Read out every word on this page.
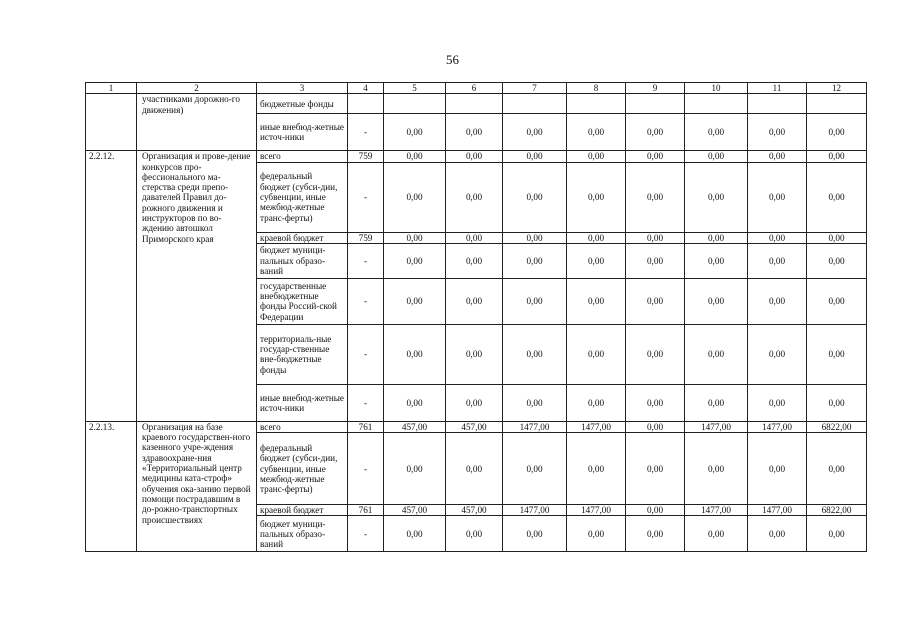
56
1	2	3	4	5	6	7	8	9	10	11	12
	участниками дорожно-го движения)	бюджетные фонды									
		иные внебюд-жетные источ-ники	-	0,00	0,00	0,00	0,00	0,00	0,00	0,00	0,00
2.2.12.	Организация и прове-дение конкурсов про-фессионального ма-стерства среди препо-давателей Правил до-рожного движения и инструкторов по во-ждению автошкол Приморского края	всего	759	0,00	0,00	0,00	0,00	0,00	0,00	0,00	0,00
		федеральный бюджет (субси-дии, субвенции, иные межбюд-жетные транс-ферты)	-	0,00	0,00	0,00	0,00	0,00	0,00	0,00	0,00
		краевой бюджет	759	0,00	0,00	0,00	0,00	0,00	0,00	0,00	0,00
		бюджет муници-пальных образо-ваний	-	0,00	0,00	0,00	0,00	0,00	0,00	0,00	0,00
		государственные внебюджетные фонды Россий-ской Федерации	-	0,00	0,00	0,00	0,00	0,00	0,00	0,00	0,00
		территориаль-ные государ-ственные вне-бюджетные фонды	-	0,00	0,00	0,00	0,00	0,00	0,00	0,00	0,00
		иные внебюд-жетные источ-ники	-	0,00	0,00	0,00	0,00	0,00	0,00	0,00	0,00
2.2.13.	Организация на базе краевого государствен-ного казенного учре-ждения здравоохране-ния «Территориальный центр медицины ката-строф» обучения ока-занию первой помощи пострадавшим в до-рожно-транспортных происшествиях	всего	761	457,00	457,00	1477,00	1477,00	0,00	1477,00	1477,00	6822,00
		федеральный бюджет (субси-дии, субвенции, иные межбюд-жетные транс-ферты)	-	0,00	0,00	0,00	0,00	0,00	0,00	0,00	0,00
		краевой бюджет	761	457,00	457,00	1477,00	1477,00	0,00	1477,00	1477,00	6822,00
		бюджет муници-пальных образо-ваний	-	0,00	0,00	0,00	0,00	0,00	0,00	0,00	0,00
